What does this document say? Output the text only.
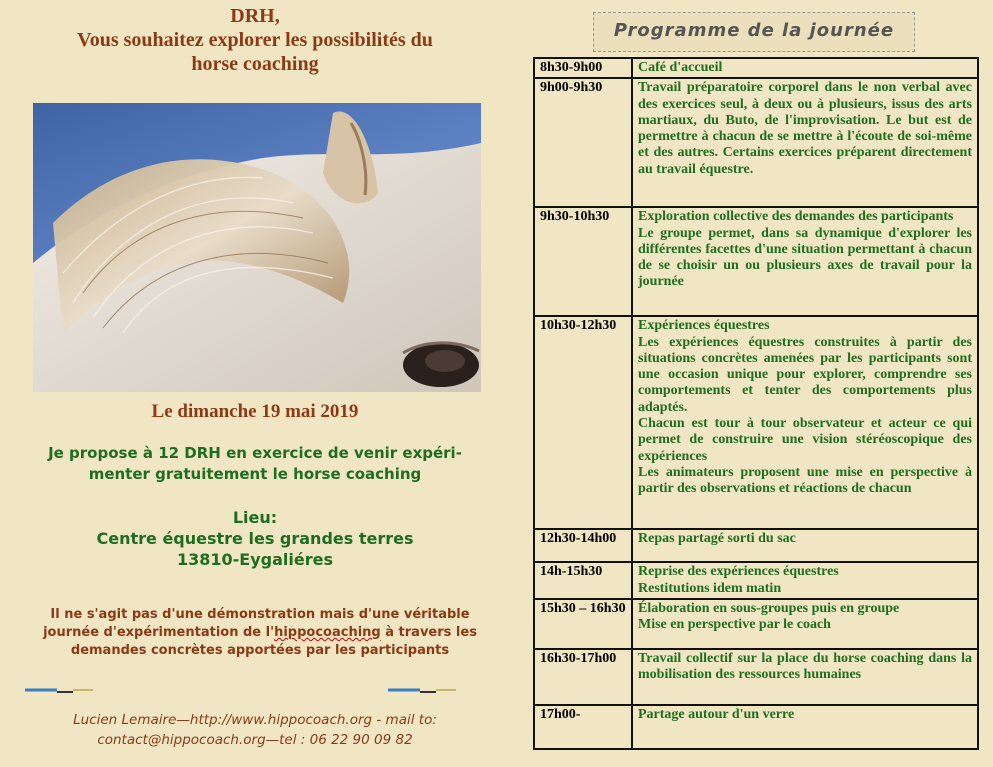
DRH,
Vous souhaitez explorer les possibilités du
horse coaching
Le dimanche 19 mai 2019
Je propose à 12 DRH en exercice de venir expéri-
menter gratuitement le horse coaching
Lieu:
Centre équestre les grandes terres
13810-Eygaliéres
Il ne s'agit pas d'une démonstration mais d'une véritable
journée d'expérimentation de l'hippocoaching à travers les
demandes concrètes apportées par les participants
Lucien Lemaire—http://www.hippocoach.org - mail to:
contact@hippocoach.org—tel : 06 22 90 09 82
Programme de la journée
8h30-9h00	Café d'accueil

9h00-9h30	Travail préparatoire corporel dans le non verbal avec des exercices seul, à deux ou à plusieurs, issus des arts martiaux, du Buto, de l'improvisation. Le but est de permettre à chacun de se mettre à l'écoute de soi-même et des autres. Certains exercices préparent directement au travail équestre.

9h30-10h30	Exploration collective des demandes des participants
Le groupe permet, dans sa dynamique d'explorer les différentes facettes d'une situation permettant à chacun de se choisir un ou plusieurs axes de travail pour la journée

10h30-12h30	Expériences équestres
Les expériences équestres construites à partir des situations concrètes amenées par les participants sont une occasion unique pour explorer, comprendre ses comportements et tenter des comportements plus adaptés.
Chacun est tour à tour observateur et acteur ce qui permet de construire une vision stéréoscopique des expériences
Les animateurs proposent une mise en perspective à partir des observations et réactions de chacun

12h30-14h00	Repas partagé sorti du sac

14h-15h30	Reprise des expériences équestres
Restitutions idem matin

15h30 – 16h30	Élaboration en sous-groupes puis en groupe
Mise en perspective par le coach

16h30-17h00	Travail collectif sur la place du horse coaching dans la mobilisation des ressources humaines

17h00-	Partage autour d'un verre
